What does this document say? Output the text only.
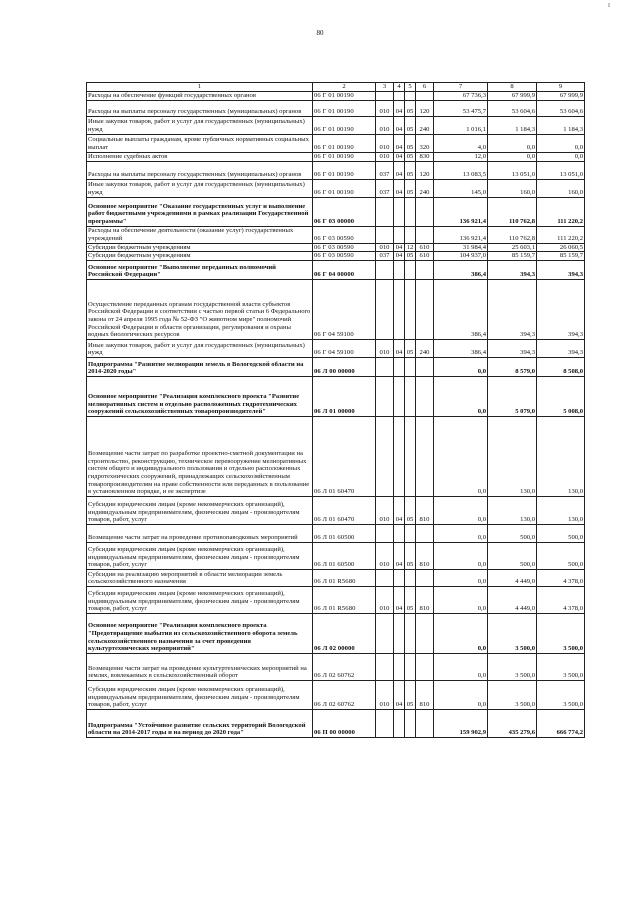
80
I
1	2	3	4	5	6	7	8	9
Расходы на обеспечение функций государственных органов	06 Г 01 00190					67 736,3	67 999,9	67 999,9
Расходы на выплаты персоналу государственных (муниципальных) органов	06 Г 01 00190	010	04	05	120	53 475,7	53 604,6	53 604,6
Иные закупки товаров, работ и услуг для государственных (муниципальных) нужд	06 Г 01 00190	010	04	05	240	1 016,1	1 184,3	1 184,3
Социальные выплаты гражданам, кроме публичных нормативных социальных выплат	06 Г 01 00190	010	04	05	320	4,0	0,0	0,0
Исполнение судебных актов	06 Г 01 00190	010	04	05	830	12,0	0,0	0,0
Расходы на выплаты персоналу государственных (муниципальных) органов	06 Г 01 00190	037	04	05	120	13 083,5	13 051,0	13 051,0
Иные закупки товаров, работ и услуг для государственных (муниципальных) нужд	06 Г 01 00190	037	04	05	240	145,0	160,0	160,0
Основное мероприятие "Оказание государственных услуг и выполнение работ бюджетными учреждениями в рамках реализации Государственной программы"	06 Г 03 00000					136 921,4	110 762,8	111 220,2
Расходы на обеспечение деятельности (оказание услуг) государственных учреждений	06 Г 03 00590					136 921,4	110 762,8	111 220,2
Субсидии бюджетным учреждениям	06 Г 03 00590	010	04	12	610	31 984,4	25 603,1	26 060,5
Субсидии бюджетным учреждениям	06 Г 03 00590	037	04	05	610	104 937,0	85 159,7	85 159,7
Основное мероприятие "Выполнение переданных полномочий Российской Федерации"	06 Г 04 00000					386,4	394,3	394,3
Осуществление переданных органам государственной власти субъектов Российской Федерации в соответствии с частью первой статьи 6 Федерального закона от 24 апреля 1995 года № 52-ФЗ "О животном мире" полномочий Российской Федерации в области организации, регулирования и охраны водных биологических ресурсов	06 Г 04 59100					386,4	394,3	394,3
Иные закупки товаров, работ и услуг для государственных (муниципальных) нужд	06 Г 04 59100	010	04	05	240	386,4	394,3	394,3
Подпрограмма "Развитие мелиорации земель в Вологодской области на 2014-2020 годы"	06 Л 00 00000					0,0	8 579,0	8 508,0
Основное мероприятие "Реализация комплексного проекта "Развитие мелиоративных систем и отдельно расположенных гидротехнических сооружений сельскохозяйственных товаропроизводителей"	06 Л 01 00000					0,0	5 079,0	5 008,0
Возмещение части затрат по разработке проектно-сметной документации на строительство, реконструкцию, техническое перевооружение мелиоративных систем общего и индивидуального пользования и отдельно расположенных гидротехнических сооружений, принадлежащих сельскохозяйственным товаропроизводителям на праве собственности или переданных в пользование в установленном порядке, и ее экспертизе	06 Л 01 60470					0,0	130,0	130,0
Субсидии юридическим лицам (кроме некоммерческих организаций), индивидуальным предпринимателям, физическим лицам - производителям товаров, работ, услуг	06 Л 01 60470	010	04	05	810	0,0	130,0	130,0
Возмещение части затрат на проведение противопаводковых мероприятий	06 Л 01 60500					0,0	500,0	500,0
Субсидии юридическим лицам (кроме некоммерческих организаций), индивидуальным предпринимателям, физическим лицам - производителям товаров, работ, услуг	06 Л 01 60500	010	04	05	810	0,0	500,0	500,0
Субсидии на реализацию мероприятий в области мелиорации земель сельскохозяйственного назначения	06 Л 01 R5680					0,0	4 449,0	4 378,0
Субсидии юридическим лицам (кроме некоммерческих организаций), индивидуальным предпринимателям, физическим лицам - производителям товаров, работ, услуг	06 Л 01 R5680	010	04	05	810	0,0	4 449,0	4 378,0
Основное мероприятие "Реализация комплексного проекта "Предотвращение выбытия из сельскохозяйственного оборота земель сельскохозяйственного назначения за счет проведения культуртехнических мероприятий"	06 Л 02 00000					0,0	3 500,0	3 500,0
Возмещение части затрат на проведение культуртехнических мероприятий на землях, вовлекаемых в сельскохозяйственный оборот	06 Л 02 60762					0,0	3 500,0	3 500,0
Субсидии юридическим лицам (кроме некоммерческих организаций), индивидуальным предпринимателям, физическим лицам - производителям товаров, работ, услуг	06 Л 02 60762	010	04	05	810	0,0	3 500,0	3 500,0
Подпрограмма "Устойчивое развитие сельских территорий Вологодской области на 2014-2017 годы и на период до 2020 года"	06 П 00 00000					159 902,9	435 279,6	666 774,2
